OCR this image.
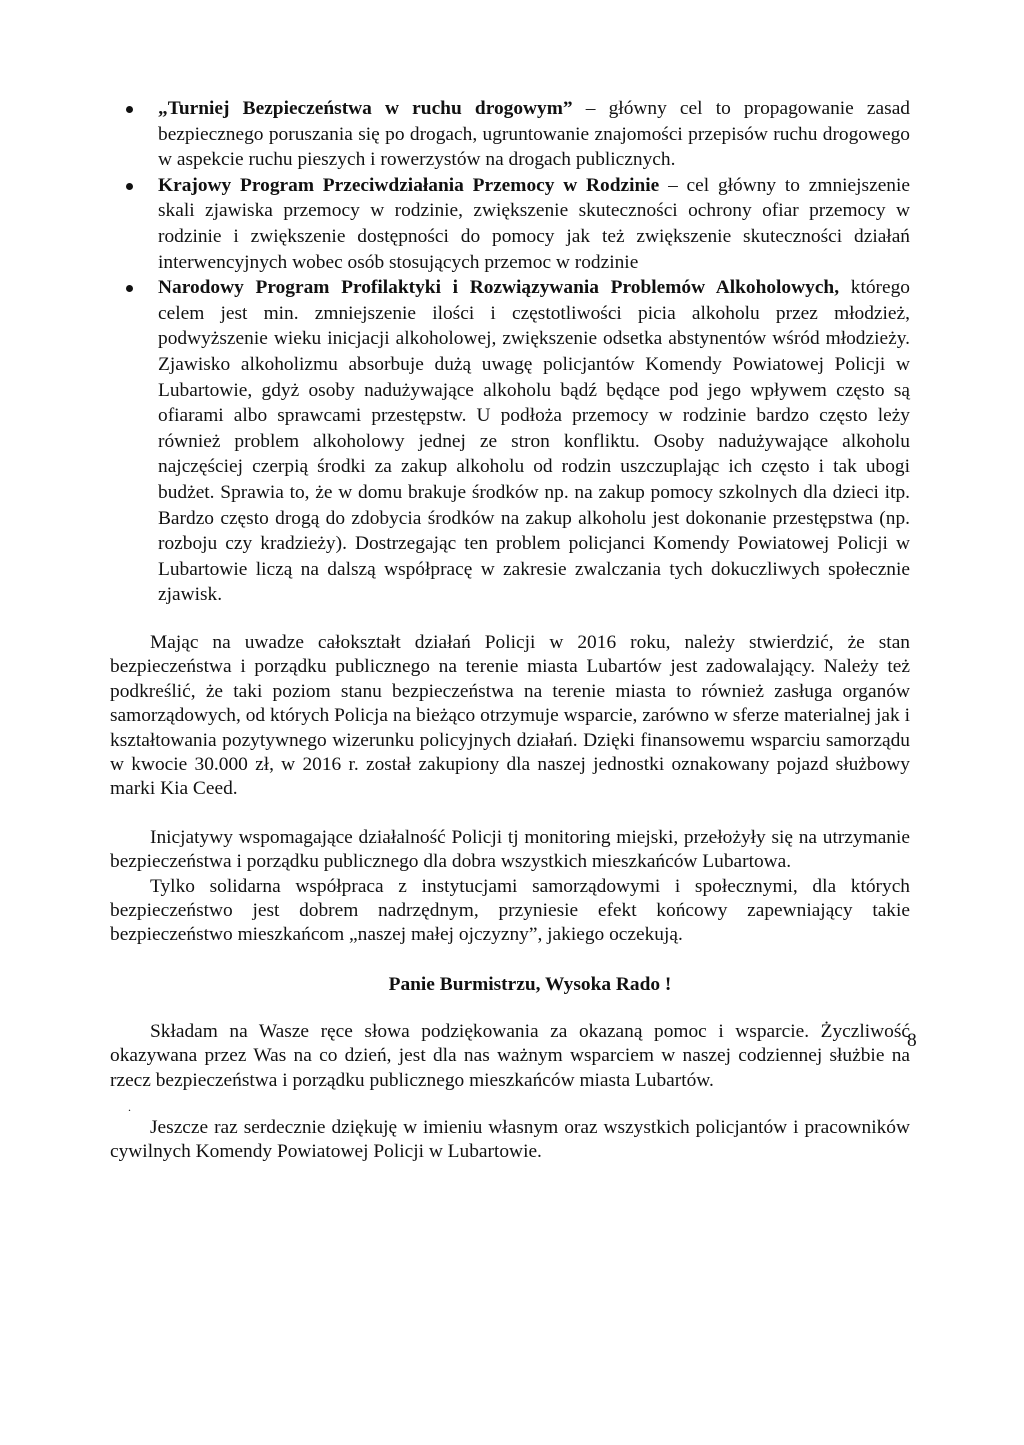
„Turniej Bezpieczeństwa w ruchu drogowym” – główny cel to propagowanie zasad bezpiecznego poruszania się po drogach, ugruntowanie znajomości przepisów ruchu drogowego w aspekcie ruchu pieszych i rowerzystów na drogach publicznych.
Krajowy Program Przeciwdziałania Przemocy w Rodzinie – cel główny to zmniejszenie skali zjawiska przemocy w rodzinie, zwiększenie skuteczności ochrony ofiar przemocy w rodzinie i zwiększenie dostępności do pomocy jak też zwiększenie skuteczności działań interwencyjnych wobec osób stosujących przemoc w rodzinie
Narodowy Program Profilaktyki i Rozwiązywania Problemów Alkoholowych, którego celem jest min. zmniejszenie ilości i częstotliwości picia alkoholu przez młodzież, podwyższenie wieku inicjacji alkoholowej, zwiększenie odsetka abstynentów wśród młodzieży. Zjawisko alkoholizmu absorbuje dużą uwagę policjantów Komendy Powiatowej Policji w Lubartowie, gdyż osoby nadużywające alkoholu bądź będące pod jego wpływem często są ofiarami albo sprawcami przestępstw. U podłoża przemocy w rodzinie bardzo często leży również problem alkoholowy jednej ze stron konfliktu. Osoby nadużywające alkoholu najczęściej czerpią środki za zakup alkoholu od rodzin uszczuplając ich często i tak ubogi budżet. Sprawia to, że w domu brakuje środków np. na zakup pomocy szkolnych dla dzieci itp. Bardzo często drogą do zdobycia środków na zakup alkoholu jest dokonanie przestępstwa (np. rozboju czy kradzieży). Dostrzegając ten problem policjanci Komendy Powiatowej Policji w Lubartowie liczą na dalszą współpracę w zakresie zwalczania tych dokuczliwych społecznie zjawisk.

Mając na uwadze całokształt działań Policji w 2016 roku, należy stwierdzić, że stan bezpieczeństwa i porządku publicznego na terenie miasta Lubartów jest zadowalający. Należy też podkreślić, że taki poziom stanu bezpieczeństwa na terenie miasta to również zasługa organów samorządowych, od których Policja na bieżąco otrzymuje wsparcie, zarówno w sferze materialnej jak i kształtowania pozytywnego wizerunku policyjnych działań. Dzięki finansowemu wsparciu samorządu w kwocie 30.000 zł, w 2016 r. został zakupiony dla naszej jednostki oznakowany pojazd służbowy marki Kia Ceed.

Inicjatywy wspomagające działalność Policji tj monitoring miejski, przełożyły się na utrzymanie bezpieczeństwa i porządku publicznego dla dobra wszystkich mieszkańców Lubartowa.

Tylko solidarna współpraca z instytucjami samorządowymi i społecznymi, dla których bezpieczeństwo jest dobrem nadrzędnym, przyniesie efekt końcowy zapewniający takie bezpieczeństwo mieszkańcom „naszej małej ojczyzny”, jakiego oczekują.

Panie Burmistrzu, Wysoka Rado !

Składam na Wasze ręce słowa podziękowania za okazaną pomoc i wsparcie. Życzliwość okazywana przez Was na co dzień, jest dla nas ważnym wsparciem w naszej codziennej służbie na rzecz bezpieczeństwa i porządku publicznego mieszkańców miasta Lubartów.

.

Jeszcze raz serdecznie dziękuję w imieniu własnym oraz wszystkich policjantów i pracowników cywilnych Komendy Powiatowej Policji w Lubartowie.

8
